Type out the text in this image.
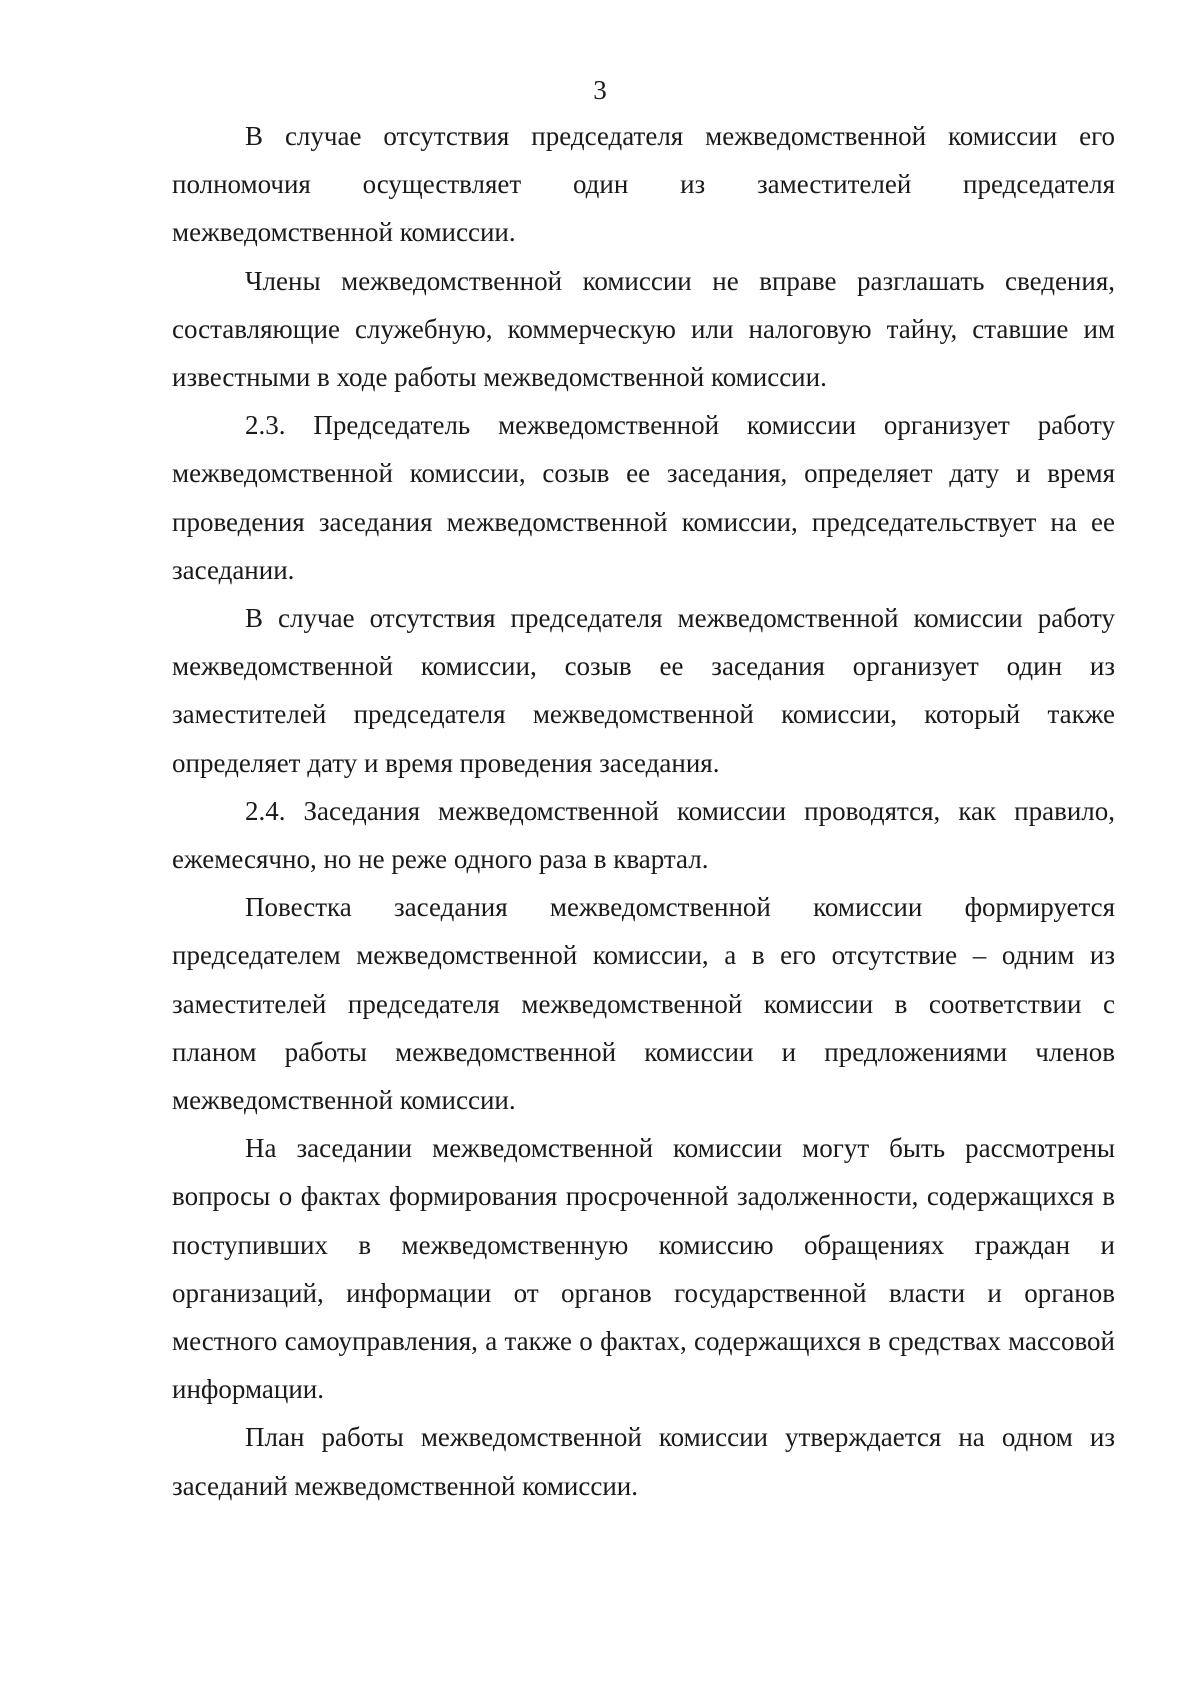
3

В случае отсутствия председателя межведомственной комиссии его полномочия осуществляет один из заместителей председателя межведомственной комиссии.

Члены межведомственной комиссии не вправе разглашать сведения, составляющие служебную, коммерческую или налоговую тайну, ставшие им известными в ходе работы межведомственной комиссии.

2.3. Председатель межведомственной комиссии организует работу межведомственной комиссии, созыв ее заседания, определяет дату и время проведения заседания межведомственной комиссии, председательствует на ее заседании.

В случае отсутствия председателя межведомственной комиссии работу межведомственной комиссии, созыв ее заседания организует один из заместителей председателя межведомственной комиссии, который также определяет дату и время проведения заседания.

2.4. Заседания межведомственной комиссии проводятся, как правило, ежемесячно, но не реже одного раза в квартал.

Повестка заседания межведомственной комиссии формируется председателем межведомственной комиссии, а в его отсутствие – одним из заместителей председателя межведомственной комиссии в соответствии с планом работы межведомственной комиссии и предложениями членов межведомственной комиссии.

На заседании межведомственной комиссии могут быть рассмотрены вопросы о фактах формирования просроченной задолженности, содержащихся в поступивших в межведомственную комиссию обращениях граждан и организаций, информации от органов государственной власти и органов местного самоуправления, а также о фактах, содержащихся в средствах массовой информации.

План работы межведомственной комиссии утверждается на одном из заседаний межведомственной комиссии.
